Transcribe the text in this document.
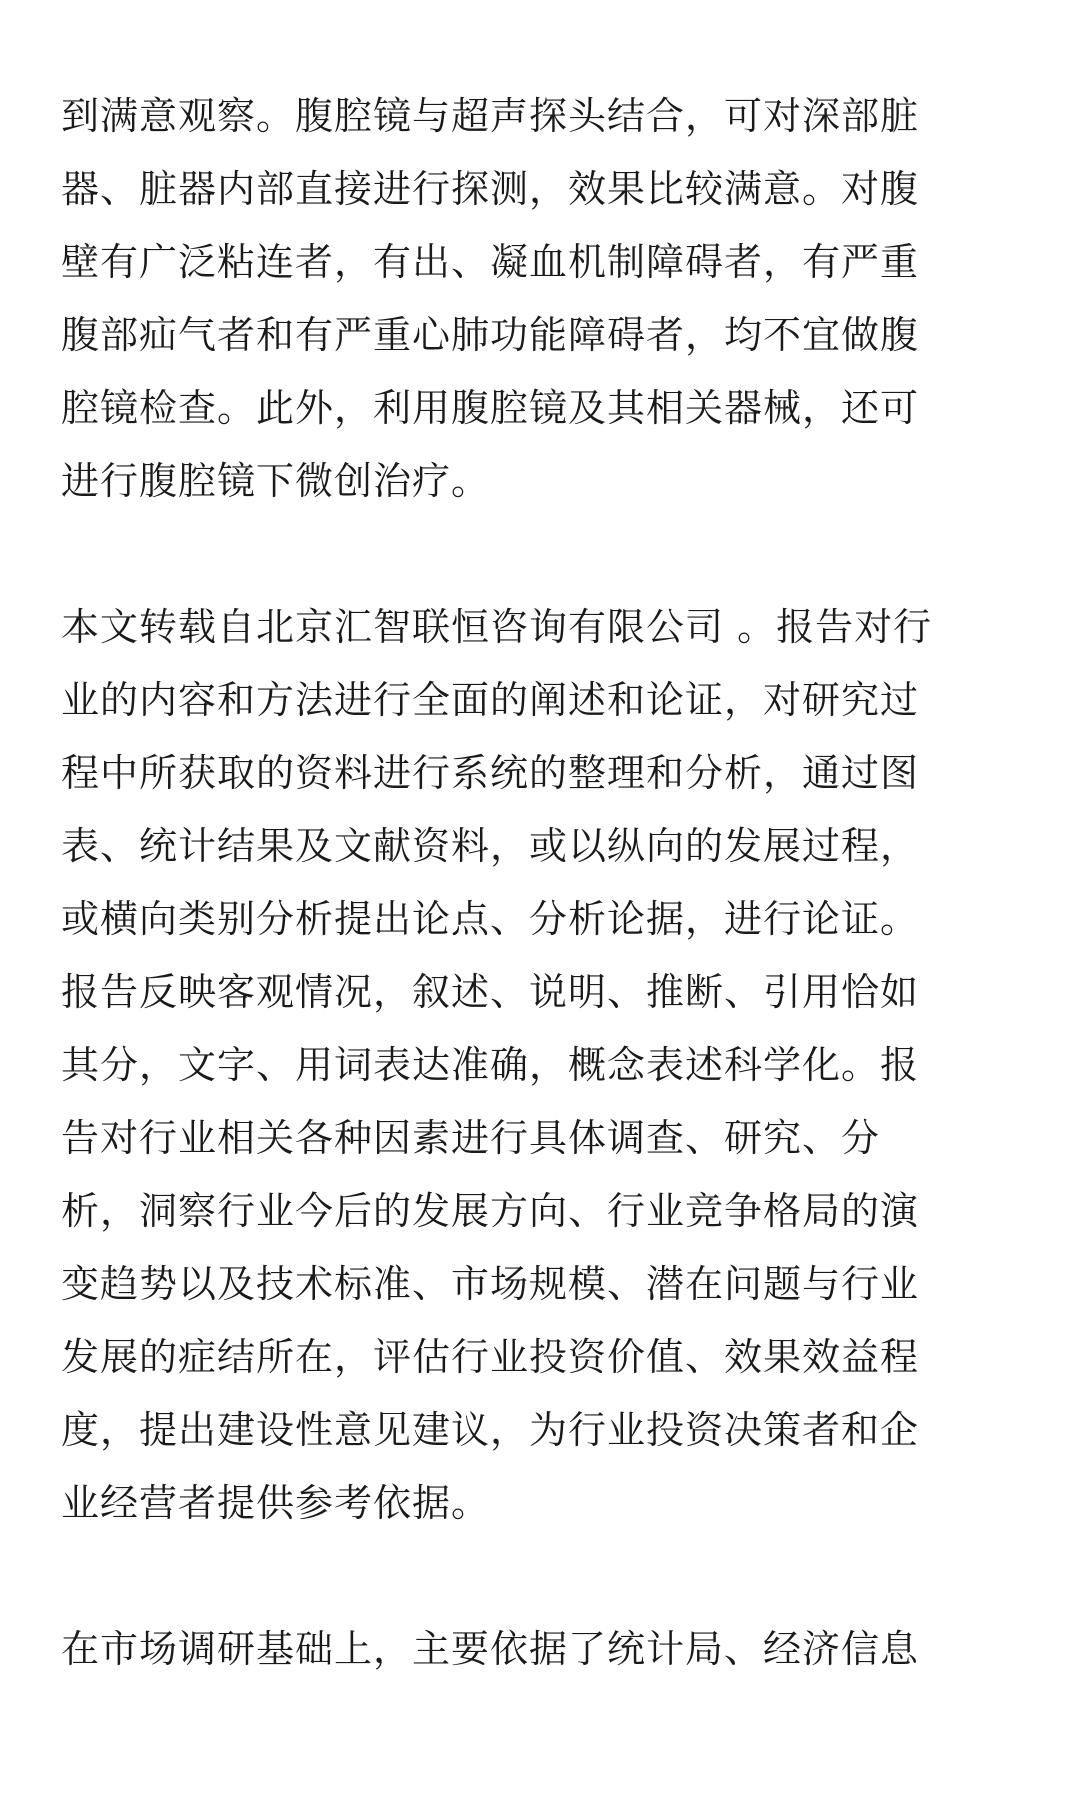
到满意观察。腹腔镜与超声探头结合，可对深部脏
器、脏器内部直接进行探测，效果比较满意。对腹
壁有广泛粘连者，有出、凝血机制障碍者，有严重
腹部疝气者和有严重心肺功能障碍者，均不宜做腹
腔镜检查。此外，利用腹腔镜及其相关器械，还可
进行腹腔镜下微创治疗。

本文转载自北京汇智联恒咨询有限公司 。报告对行
业的内容和方法进行全面的阐述和论证，对研究过
程中所获取的资料进行系统的整理和分析，通过图
表、统计结果及文献资料，或以纵向的发展过程，
或横向类别分析提出论点、分析论据，进行论证。
报告反映客观情况，叙述、说明、推断、引用恰如
其分，文字、用词表达准确，概念表述科学化。报
告对行业相关各种因素进行具体调查、研究、分
析，洞察行业今后的发展方向、行业竞争格局的演
变趋势以及技术标准、市场规模、潜在问题与行业
发展的症结所在，评估行业投资价值、效果效益程
度，提出建设性意见建议，为行业投资决策者和企
业经营者提供参考依据。

在市场调研基础上，主要依据了统计局、经济信息
